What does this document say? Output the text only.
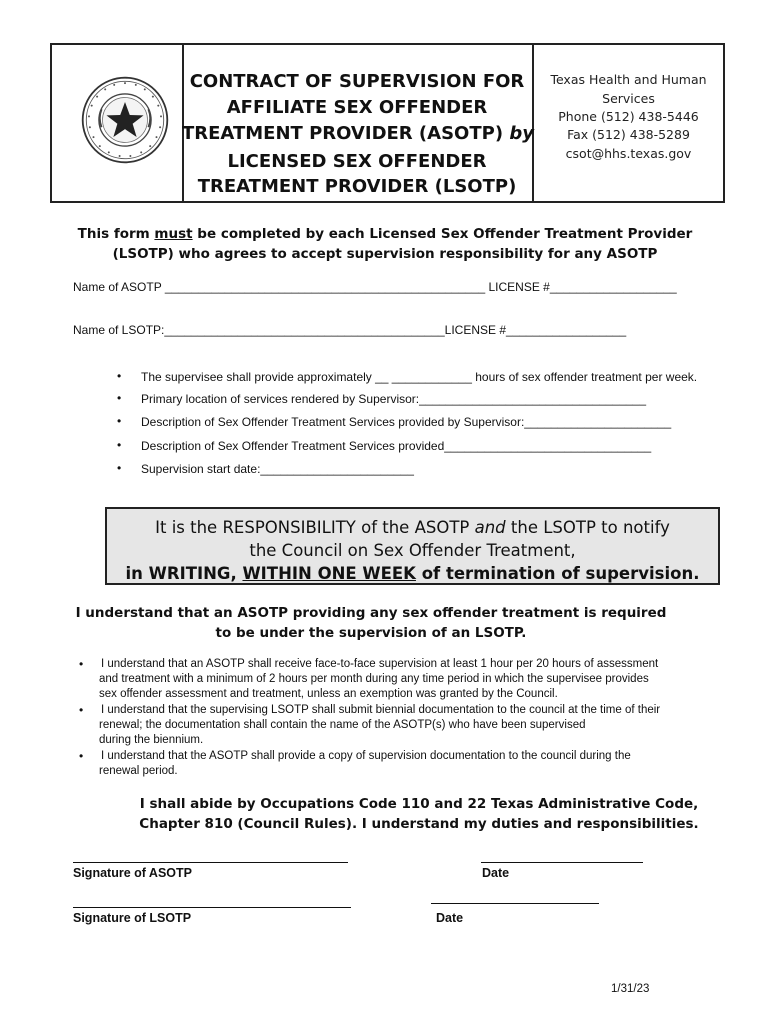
CONTRACT OF SUPERVISION FOR
AFFILIATE SEX OFFENDER
TREATMENT PROVIDER (ASOTP) by
LICENSED SEX OFFENDER
TREATMENT PROVIDER (LSOTP)
Texas Health and Human
Services
Phone (512) 438-5446
Fax (512) 438-5289
csot@hhs.texas.gov
This form must be completed by each Licensed Sex Offender Treatment Provider
(LSOTP) who agrees to accept supervision responsibility for any ASOTP
Name of ASOTP ________________________________________________ LICENSE #___________________
Name of LSOTP:__________________________________________LICENSE #__________________
• The supervisee shall provide approximately __ ____________ hours of sex offender treatment per week.
• Primary location of services rendered by Supervisor:__________________________________
• Description of Sex Offender Treatment Services provided by Supervisor:______________________
• Description of Sex Offender Treatment Services provided_______________________________
• Supervision start date:_______________________
It is the RESPONSIBILITY of the ASOTP and the LSOTP to notify
the Council on Sex Offender Treatment,
in WRITING, WITHIN ONE WEEK of termination of supervision.
I understand that an ASOTP providing any sex offender treatment is required
to be under the supervision of an LSOTP.
• I understand that an ASOTP shall receive face-to-face supervision at least 1 hour per 20 hours of assessment
and treatment with a minimum of 2 hours per month during any time period in which the supervisee provides
sex offender assessment and treatment, unless an exemption was granted by the Council.
• I understand that the supervising LSOTP shall submit biennial documentation to the council at the time of their
renewal; the documentation shall contain the name of the ASOTP(s) who have been supervised
during the biennium.
• I understand that the ASOTP shall provide a copy of supervision documentation to the council during the
renewal period.
I shall abide by Occupations Code 110 and 22 Texas Administrative Code,
Chapter 810 (Council Rules). I understand my duties and responsibilities.
Signature of ASOTP	Date
Signature of LSOTP	Date
1/31/23
